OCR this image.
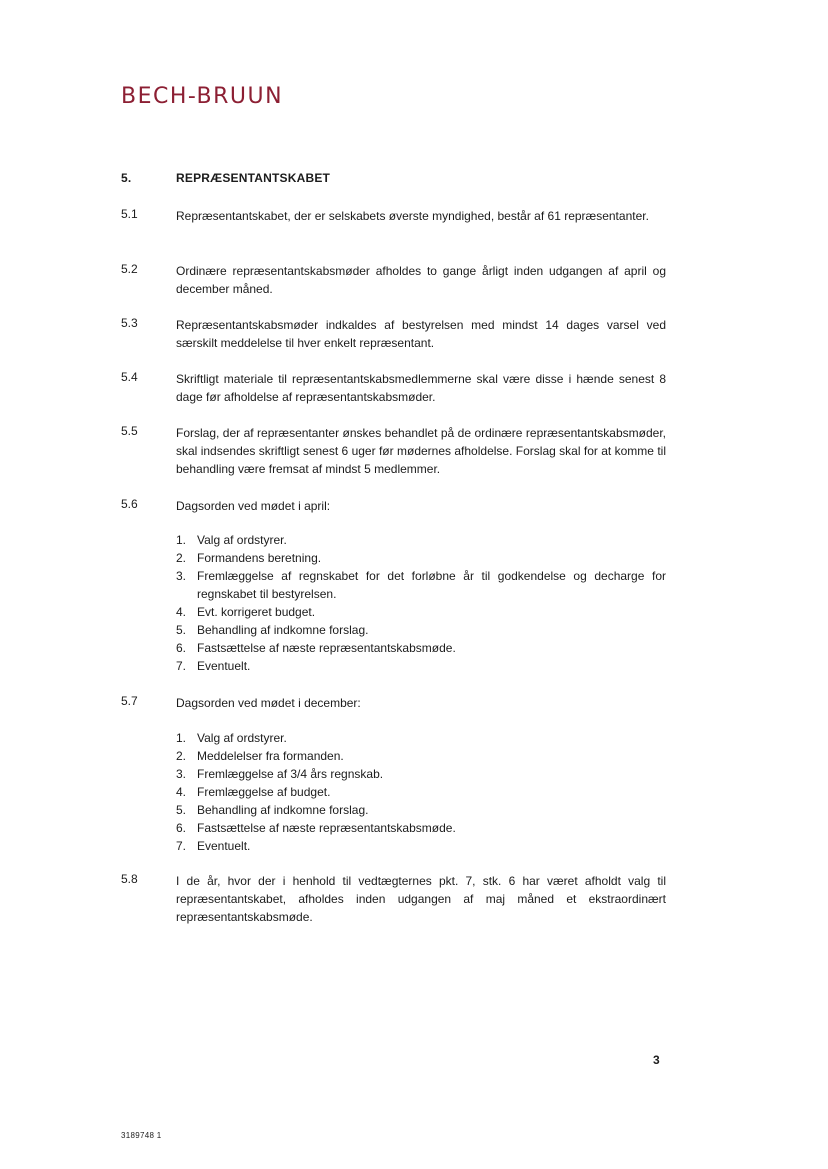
BECH-BRUUN
5.	REPRÆSENTANTSKABET
5.1	Repræsentantskabet, der er selskabets øverste myndighed, består af 61 repræsentanter.
5.2	Ordinære repræsentantskabsmøder afholdes to gange årligt inden udgangen af april og december måned.
5.3	Repræsentantskabsmøder indkaldes af bestyrelsen med mindst 14 dages varsel ved særskilt meddelelse til hver enkelt repræsentant.
5.4	Skriftligt materiale til repræsentantskabsmedlemmerne skal være disse i hænde senest 8 dage før afholdelse af repræsentantskabsmøder.
5.5	Forslag, der af repræsentanter ønskes behandlet på de ordinære repræsentantskabsmøder, skal indsendes skriftligt senest 6 uger før mødernes afholdelse. Forslag skal for at komme til behandling være fremsat af mindst 5 medlemmer.
5.6	Dagsorden ved mødet i april:
1. Valg af ordstyrer.
2. Formandens beretning.
3. Fremlæggelse af regnskabet for det forløbne år til godkendelse og decharge for regnskabet til bestyrelsen.
4. Evt. korrigeret budget.
5. Behandling af indkomne forslag.
6. Fastsættelse af næste repræsentantskabsmøde.
7. Eventuelt.
5.7	Dagsorden ved mødet i december:
1. Valg af ordstyrer.
2. Meddelelser fra formanden.
3. Fremlæggelse af 3/4 års regnskab.
4. Fremlæggelse af budget.
5. Behandling af indkomne forslag.
6. Fastsættelse af næste repræsentantskabsmøde.
7. Eventuelt.
5.8	I de år, hvor der i henhold til vedtægternes pkt. 7, stk. 6 har været afholdt valg til repræsentantskabet, afholdes inden udgangen af maj måned et ekstraordinært repræsentantskabsmøde.
3
3189748 1
